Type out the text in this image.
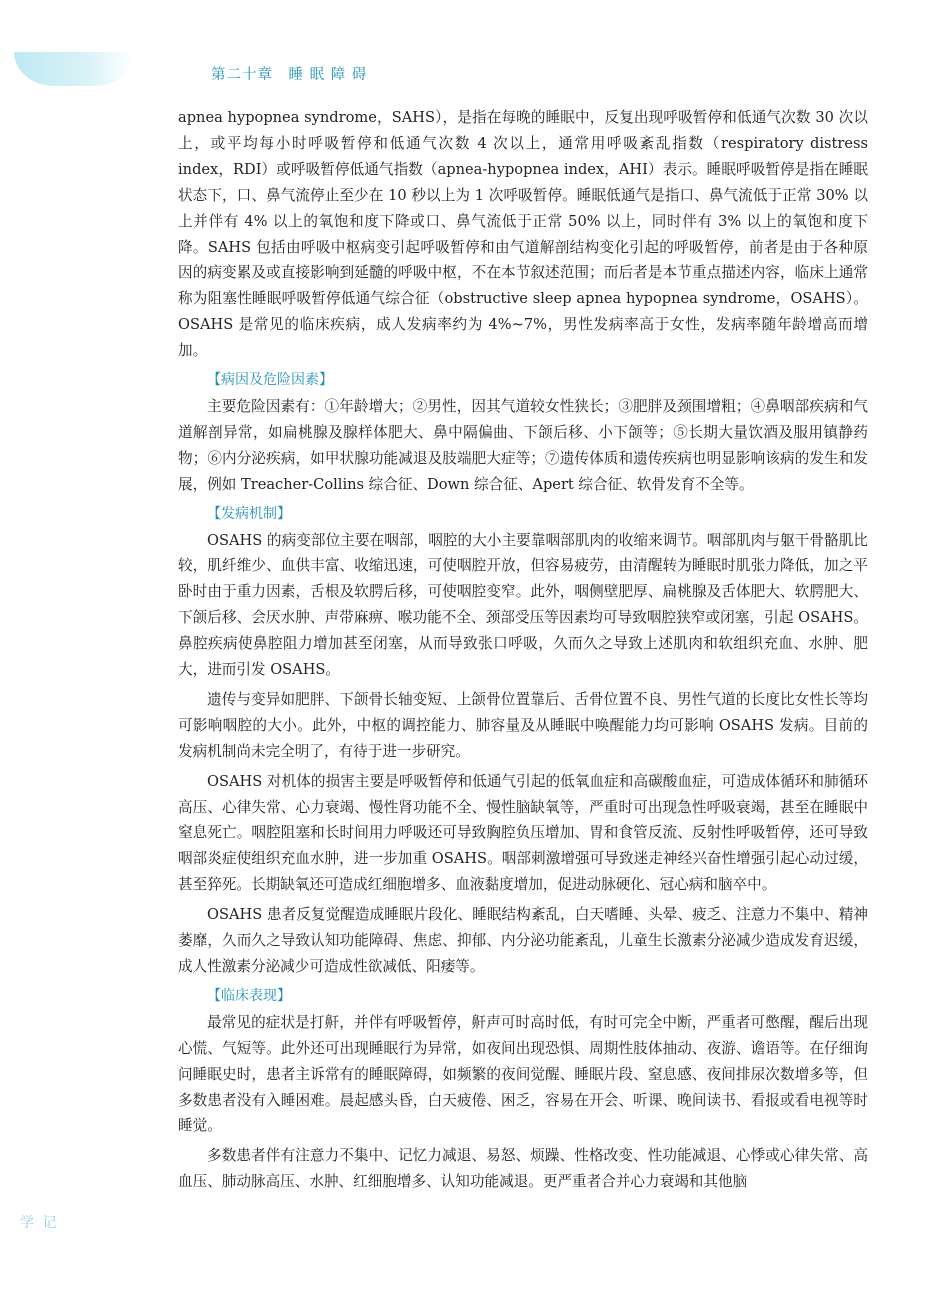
第二十章　睡 眠 障 碍

apnea hypopnea syndrome，SAHS），是指在每晚的睡眠中，反复出现呼吸暂停和低通气次数 30 次以上，或平均每小时呼吸暂停和低通气次数 4 次以上，通常用呼吸紊乱指数（respiratory distress index，RDI）或呼吸暂停低通气指数（apnea-hypopnea index，AHI）表示。睡眠呼吸暂停是指在睡眠状态下，口、鼻气流停止至少在 10 秒以上为 1 次呼吸暂停。睡眠低通气是指口、鼻气流低于正常 30% 以上并伴有 4% 以上的氧饱和度下降或口、鼻气流低于正常 50% 以上，同时伴有 3% 以上的氧饱和度下降。SAHS 包括由呼吸中枢病变引起呼吸暂停和由气道解剖结构变化引起的呼吸暂停，前者是由于各种原因的病变累及或直接影响到延髓的呼吸中枢，不在本节叙述范围；而后者是本节重点描述内容，临床上通常称为阻塞性睡眠呼吸暂停低通气综合征（obstructive sleep apnea hypopnea syndrome，OSAHS）。OSAHS 是常见的临床疾病，成人发病率约为 4%~7%，男性发病率高于女性，发病率随年龄增高而增加。

【病因及危险因素】

主要危险因素有：①年龄增大；②男性，因其气道较女性狭长；③肥胖及颈围增粗；④鼻咽部疾病和气道解剖异常，如扁桃腺及腺样体肥大、鼻中隔偏曲、下颌后移、小下颌等；⑤长期大量饮酒及服用镇静药物；⑥内分泌疾病，如甲状腺功能减退及肢端肥大症等；⑦遗传体质和遗传疾病也明显影响该病的发生和发展，例如 Treacher-Collins 综合征、Down 综合征、Apert 综合征、软骨发育不全等。

【发病机制】

OSAHS 的病变部位主要在咽部，咽腔的大小主要靠咽部肌肉的收缩来调节。咽部肌肉与躯干骨骼肌比较，肌纤维少、血供丰富、收缩迅速，可使咽腔开放，但容易疲劳，由清醒转为睡眠时肌张力降低，加之平卧时由于重力因素，舌根及软腭后移，可使咽腔变窄。此外，咽侧壁肥厚、扁桃腺及舌体肥大、软腭肥大、下颌后移、会厌水肿、声带麻痹、喉功能不全、颈部受压等因素均可导致咽腔狭窄或闭塞，引起 OSAHS。鼻腔疾病使鼻腔阻力增加甚至闭塞，从而导致张口呼吸，久而久之导致上述肌肉和软组织充血、水肿、肥大，进而引发 OSAHS。

遗传与变异如肥胖、下颌骨长轴变短、上颌骨位置靠后、舌骨位置不良、男性气道的长度比女性长等均可影响咽腔的大小。此外，中枢的调控能力、肺容量及从睡眠中唤醒能力均可影响 OSAHS 发病。目前的发病机制尚未完全明了，有待于进一步研究。

OSAHS 对机体的损害主要是呼吸暂停和低通气引起的低氧血症和高碳酸血症，可造成体循环和肺循环高压、心律失常、心力衰竭、慢性肾功能不全、慢性脑缺氧等，严重时可出现急性呼吸衰竭，甚至在睡眠中窒息死亡。咽腔阻塞和长时间用力呼吸还可导致胸腔负压增加、胃和食管反流、反射性呼吸暂停，还可导致咽部炎症使组织充血水肿，进一步加重 OSAHS。咽部刺激增强可导致迷走神经兴奋性增强引起心动过缓，甚至猝死。长期缺氧还可造成红细胞增多、血液黏度增加，促进动脉硬化、冠心病和脑卒中。

OSAHS 患者反复觉醒造成睡眠片段化、睡眠结构紊乱，白天嗜睡、头晕、疲乏、注意力不集中、精神萎靡，久而久之导致认知功能障碍、焦虑、抑郁、内分泌功能紊乱，儿童生长激素分泌减少造成发育迟缓，成人性激素分泌减少可造成性欲减低、阳痿等。

【临床表现】

最常见的症状是打鼾，并伴有呼吸暂停，鼾声可时高时低，有时可完全中断，严重者可憋醒，醒后出现心慌、气短等。此外还可出现睡眠行为异常，如夜间出现恐惧、周期性肢体抽动、夜游、谵语等。在仔细询问睡眠史时，患者主诉常有的睡眠障碍，如频繁的夜间觉醒、睡眠片段、窒息感、夜间排尿次数增多等，但多数患者没有入睡困难。晨起感头昏，白天疲倦、困乏，容易在开会、听课、晚间读书、看报或看电视等时睡觉。

多数患者伴有注意力不集中、记忆力减退、易怒、烦躁、性格改变、性功能减退、心悸或心律失常、高血压、肺动脉高压、水肿、红细胞增多、认知功能减退。更严重者合并心力衰竭和其他脑

学 记
